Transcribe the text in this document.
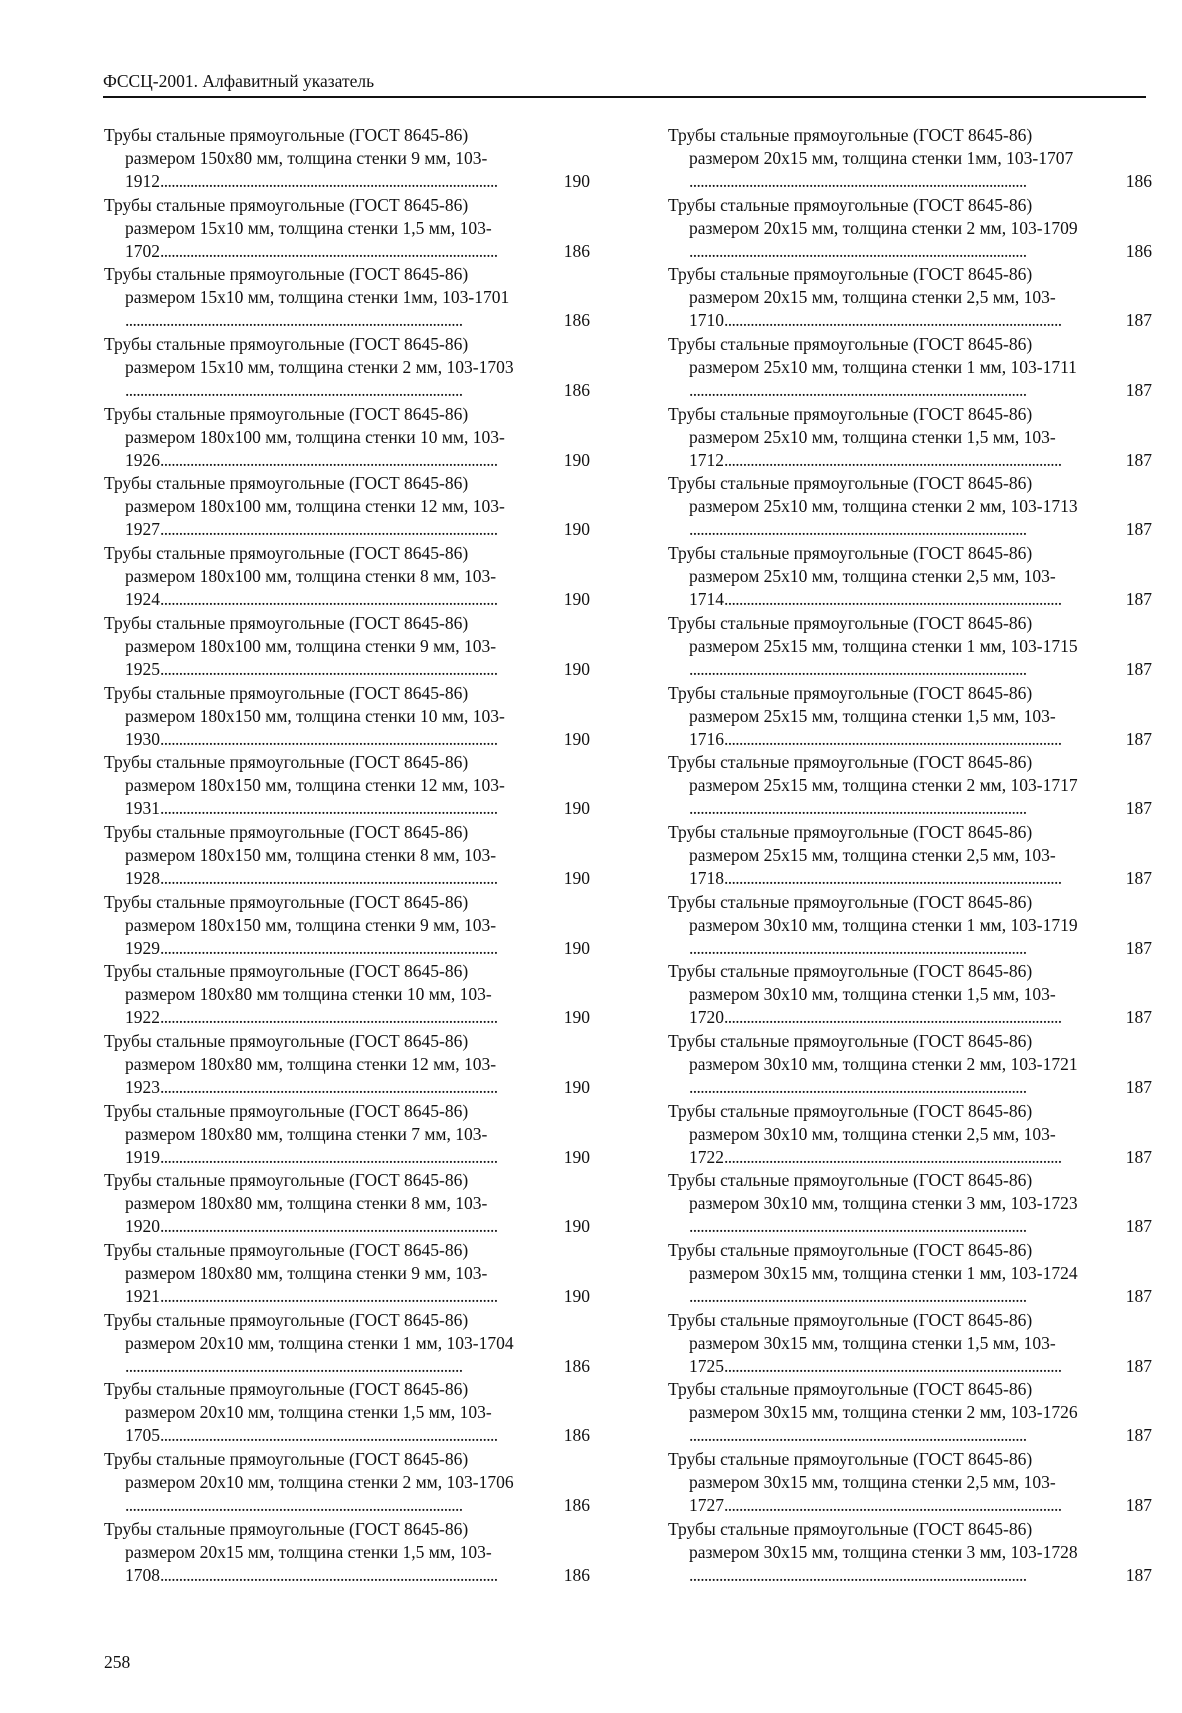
ФССЦ-2001. Алфавитный указатель
Трубы стальные прямоугольные (ГОСТ 8645-86)
размером 150x80 мм, толщина стенки 9 мм, 103-
1912 . . .	190
Трубы стальные прямоугольные (ГОСТ 8645-86)
размером 15x10 мм, толщина стенки 1,5 мм, 103-
1702 . . .	186
Трубы стальные прямоугольные (ГОСТ 8645-86)
размером 15x10 мм, толщина стенки 1мм, 103-1701
. . .
186
Трубы стальные прямоугольные (ГОСТ 8645-86)
размером 15x10 мм, толщина стенки 2 мм, 103-1703
. . .
186
Трубы стальные прямоугольные (ГОСТ 8645-86)
размером 180x100 мм, толщина стенки 10 мм, 103-
1926 . . .	190
Трубы стальные прямоугольные (ГОСТ 8645-86)
размером 180x100 мм, толщина стенки 12 мм, 103-
1927 . . .	190
Трубы стальные прямоугольные (ГОСТ 8645-86)
размером 180x100 мм, толщина стенки 8 мм, 103-
1924 . . .	190
Трубы стальные прямоугольные (ГОСТ 8645-86)
размером 180x100 мм, толщина стенки 9 мм, 103-
1925 . . .	190
Трубы стальные прямоугольные (ГОСТ 8645-86)
размером 180x150 мм, толщина стенки 10 мм, 103-
1930 . . .	190
Трубы стальные прямоугольные (ГОСТ 8645-86)
размером 180x150 мм, толщина стенки 12 мм, 103-
1931 . . .	190
Трубы стальные прямоугольные (ГОСТ 8645-86)
размером 180x150 мм, толщина стенки 8 мм, 103-
1928 . . .	190
Трубы стальные прямоугольные (ГОСТ 8645-86)
размером 180x150 мм, толщина стенки 9 мм, 103-
1929 . . .	190
Трубы стальные прямоугольные (ГОСТ 8645-86)
размером 180x80 мм толщина стенки 10 мм, 103-
1922 . . .	190
Трубы стальные прямоугольные (ГОСТ 8645-86)
размером 180x80 мм, толщина стенки 12 мм, 103-
1923 . . .	190
Трубы стальные прямоугольные (ГОСТ 8645-86)
размером 180x80 мм, толщина стенки 7 мм, 103-
1919 . . .	190
Трубы стальные прямоугольные (ГОСТ 8645-86)
размером 180x80 мм, толщина стенки 8 мм, 103-
1920 . . .	190
Трубы стальные прямоугольные (ГОСТ 8645-86)
размером 180x80 мм, толщина стенки 9 мм, 103-
1921 . . .	190
Трубы стальные прямоугольные (ГОСТ 8645-86)
размером 20x10 мм, толщина стенки 1 мм, 103-1704
. . .
186
Трубы стальные прямоугольные (ГОСТ 8645-86)
размером 20x10 мм, толщина стенки 1,5 мм, 103-
1705 . . .	186
Трубы стальные прямоугольные (ГОСТ 8645-86)
размером 20x10 мм, толщина стенки 2 мм, 103-1706
. . .
186
Трубы стальные прямоугольные (ГОСТ 8645-86)
размером 20x15 мм, толщина стенки 1,5 мм, 103-
1708 . . .	186
Трубы стальные прямоугольные (ГОСТ 8645-86)
размером 20x15 мм, толщина стенки 1мм, 103-1707
. . .
186
Трубы стальные прямоугольные (ГОСТ 8645-86)
размером 20x15 мм, толщина стенки 2 мм, 103-1709
. . .
186
Трубы стальные прямоугольные (ГОСТ 8645-86)
размером 20x15 мм, толщина стенки 2,5 мм, 103-
1710 . . .	187
Трубы стальные прямоугольные (ГОСТ 8645-86)
размером 25x10 мм, толщина стенки 1 мм, 103-1711
. . .
187
Трубы стальные прямоугольные (ГОСТ 8645-86)
размером 25x10 мм, толщина стенки 1,5 мм, 103-
1712 . . .	187
Трубы стальные прямоугольные (ГОСТ 8645-86)
размером 25x10 мм, толщина стенки 2 мм, 103-1713
. . .
187
Трубы стальные прямоугольные (ГОСТ 8645-86)
размером 25x10 мм, толщина стенки 2,5 мм, 103-
1714 . . .	187
Трубы стальные прямоугольные (ГОСТ 8645-86)
размером 25x15 мм, толщина стенки 1 мм, 103-1715
. . .
187
Трубы стальные прямоугольные (ГОСТ 8645-86)
размером 25x15 мм, толщина стенки 1,5 мм, 103-
1716 . . .	187
Трубы стальные прямоугольные (ГОСТ 8645-86)
размером 25x15 мм, толщина стенки 2 мм, 103-1717
. . .
187
Трубы стальные прямоугольные (ГОСТ 8645-86)
размером 25x15 мм, толщина стенки 2,5 мм, 103-
1718 . . .	187
Трубы стальные прямоугольные (ГОСТ 8645-86)
размером 30x10 мм, толщина стенки 1 мм, 103-1719
. . .
187
Трубы стальные прямоугольные (ГОСТ 8645-86)
размером 30x10 мм, толщина стенки 1,5 мм, 103-
1720 . . .	187
Трубы стальные прямоугольные (ГОСТ 8645-86)
размером 30x10 мм, толщина стенки 2 мм, 103-1721
. . .
187
Трубы стальные прямоугольные (ГОСТ 8645-86)
размером 30x10 мм, толщина стенки 2,5 мм, 103-
1722 . . .	187
Трубы стальные прямоугольные (ГОСТ 8645-86)
размером 30x10 мм, толщина стенки 3 мм, 103-1723
. . .
187
Трубы стальные прямоугольные (ГОСТ 8645-86)
размером 30x15 мм, толщина стенки 1 мм, 103-1724
. . .
187
Трубы стальные прямоугольные (ГОСТ 8645-86)
размером 30x15 мм, толщина стенки 1,5 мм, 103-
1725 . . .	187
Трубы стальные прямоугольные (ГОСТ 8645-86)
размером 30x15 мм, толщина стенки 2 мм, 103-1726
. . .
187
Трубы стальные прямоугольные (ГОСТ 8645-86)
размером 30x15 мм, толщина стенки 2,5 мм, 103-
1727 . . .	187
Трубы стальные прямоугольные (ГОСТ 8645-86)
размером 30x15 мм, толщина стенки 3 мм, 103-1728
. . .
187
258
